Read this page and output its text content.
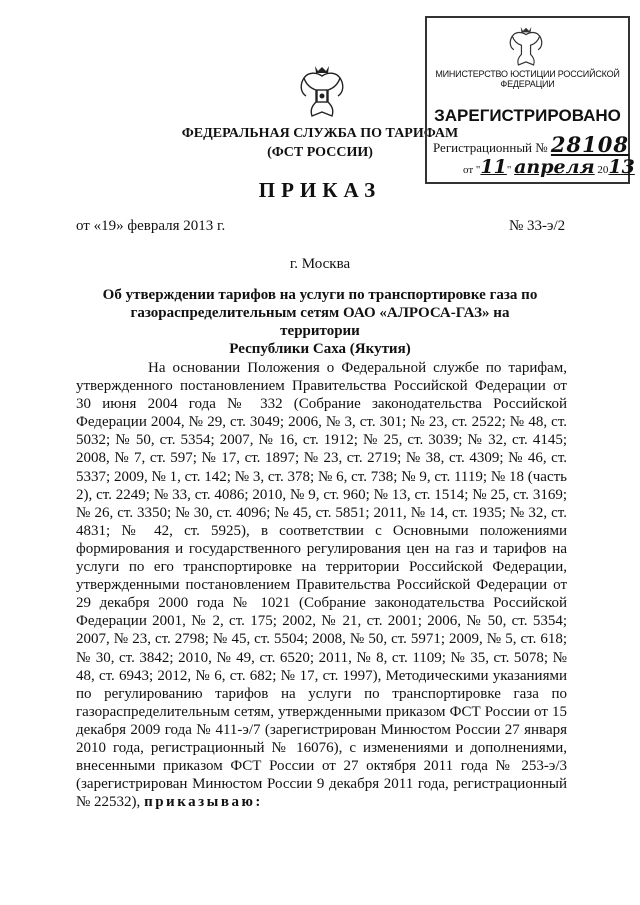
ФЕДЕРАЛЬНАЯ СЛУЖБА ПО ТАРИФАМ
(ФСТ РОССИИ)
МИНИСТЕРСТВО ЮСТИЦИИ РОССИЙСКОЙ ФЕДЕРАЦИИ
ЗАРЕГИСТРИРОВАНО
Регистрационный № 28108
от "11" апреля 2013
ПРИКАЗ
от «19» февраля 2013 г.	№ 33-э/2
г. Москва
Об утверждении тарифов на услуги по транспортировке газа по
газораспределительным сетям ОАО «АЛРОСА-ГАЗ» на территории
Республики Саха (Якутия)

На основании Положения о Федеральной службе по тарифам, утвержденного постановлением Правительства Российской Федерации от 30 июня 2004 года № 332 (Собрание законодательства Российской Федерации 2004, № 29, ст. 3049; 2006, № 3, ст. 301; № 23, ст. 2522; № 48, ст. 5032; № 50, ст. 5354; 2007, № 16, ст. 1912; № 25, ст. 3039; № 32, ст. 4145; 2008, № 7, ст. 597; № 17, ст. 1897; № 23, ст. 2719; № 38, ст. 4309; № 46, ст. 5337; 2009, № 1, ст. 142; № 3, ст. 378; № 6, ст. 738; № 9, ст. 1119; № 18 (часть 2), ст. 2249; № 33, ст. 4086; 2010, № 9, ст. 960; № 13, ст. 1514; № 25, ст. 3169; № 26, ст. 3350; № 30, ст. 4096; № 45, ст. 5851; 2011, № 14, ст. 1935; № 32, ст. 4831; № 42, ст. 5925), в соответствии с Основными положениями формирования и государственного регулирования цен на газ и тарифов на услуги по его транспортировке на территории Российской Федерации, утвержденными постановлением Правительства Российской Федерации от 29 декабря 2000 года № 1021 (Собрание законодательства Российской Федерации 2001, № 2, ст. 175; 2002, № 21, ст. 2001; 2006, № 50, ст. 5354; 2007, № 23, ст. 2798; № 45, ст. 5504; 2008, № 50, ст. 5971; 2009, № 5, ст. 618; № 30, ст. 3842; 2010, № 49, ст. 6520; 2011, № 8, ст. 1109; № 35, ст. 5078; № 48, ст. 6943; 2012, № 6, ст. 682; № 17, ст. 1997), Методическими указаниями по регулированию тарифов на услуги по транспортировке газа по газораспределительным сетям, утвержденными приказом ФСТ России от 15 декабря 2009 года № 411-э/7 (зарегистрирован Минюстом России 27 января 2010 года, регистрационный № 16076), с изменениями и дополнениями, внесенными приказом ФСТ России от 27 октября 2011 года № 253-э/3 (зарегистрирован Минюстом России 9 декабря 2011 года, регистрационный № 22532), приказываю:
